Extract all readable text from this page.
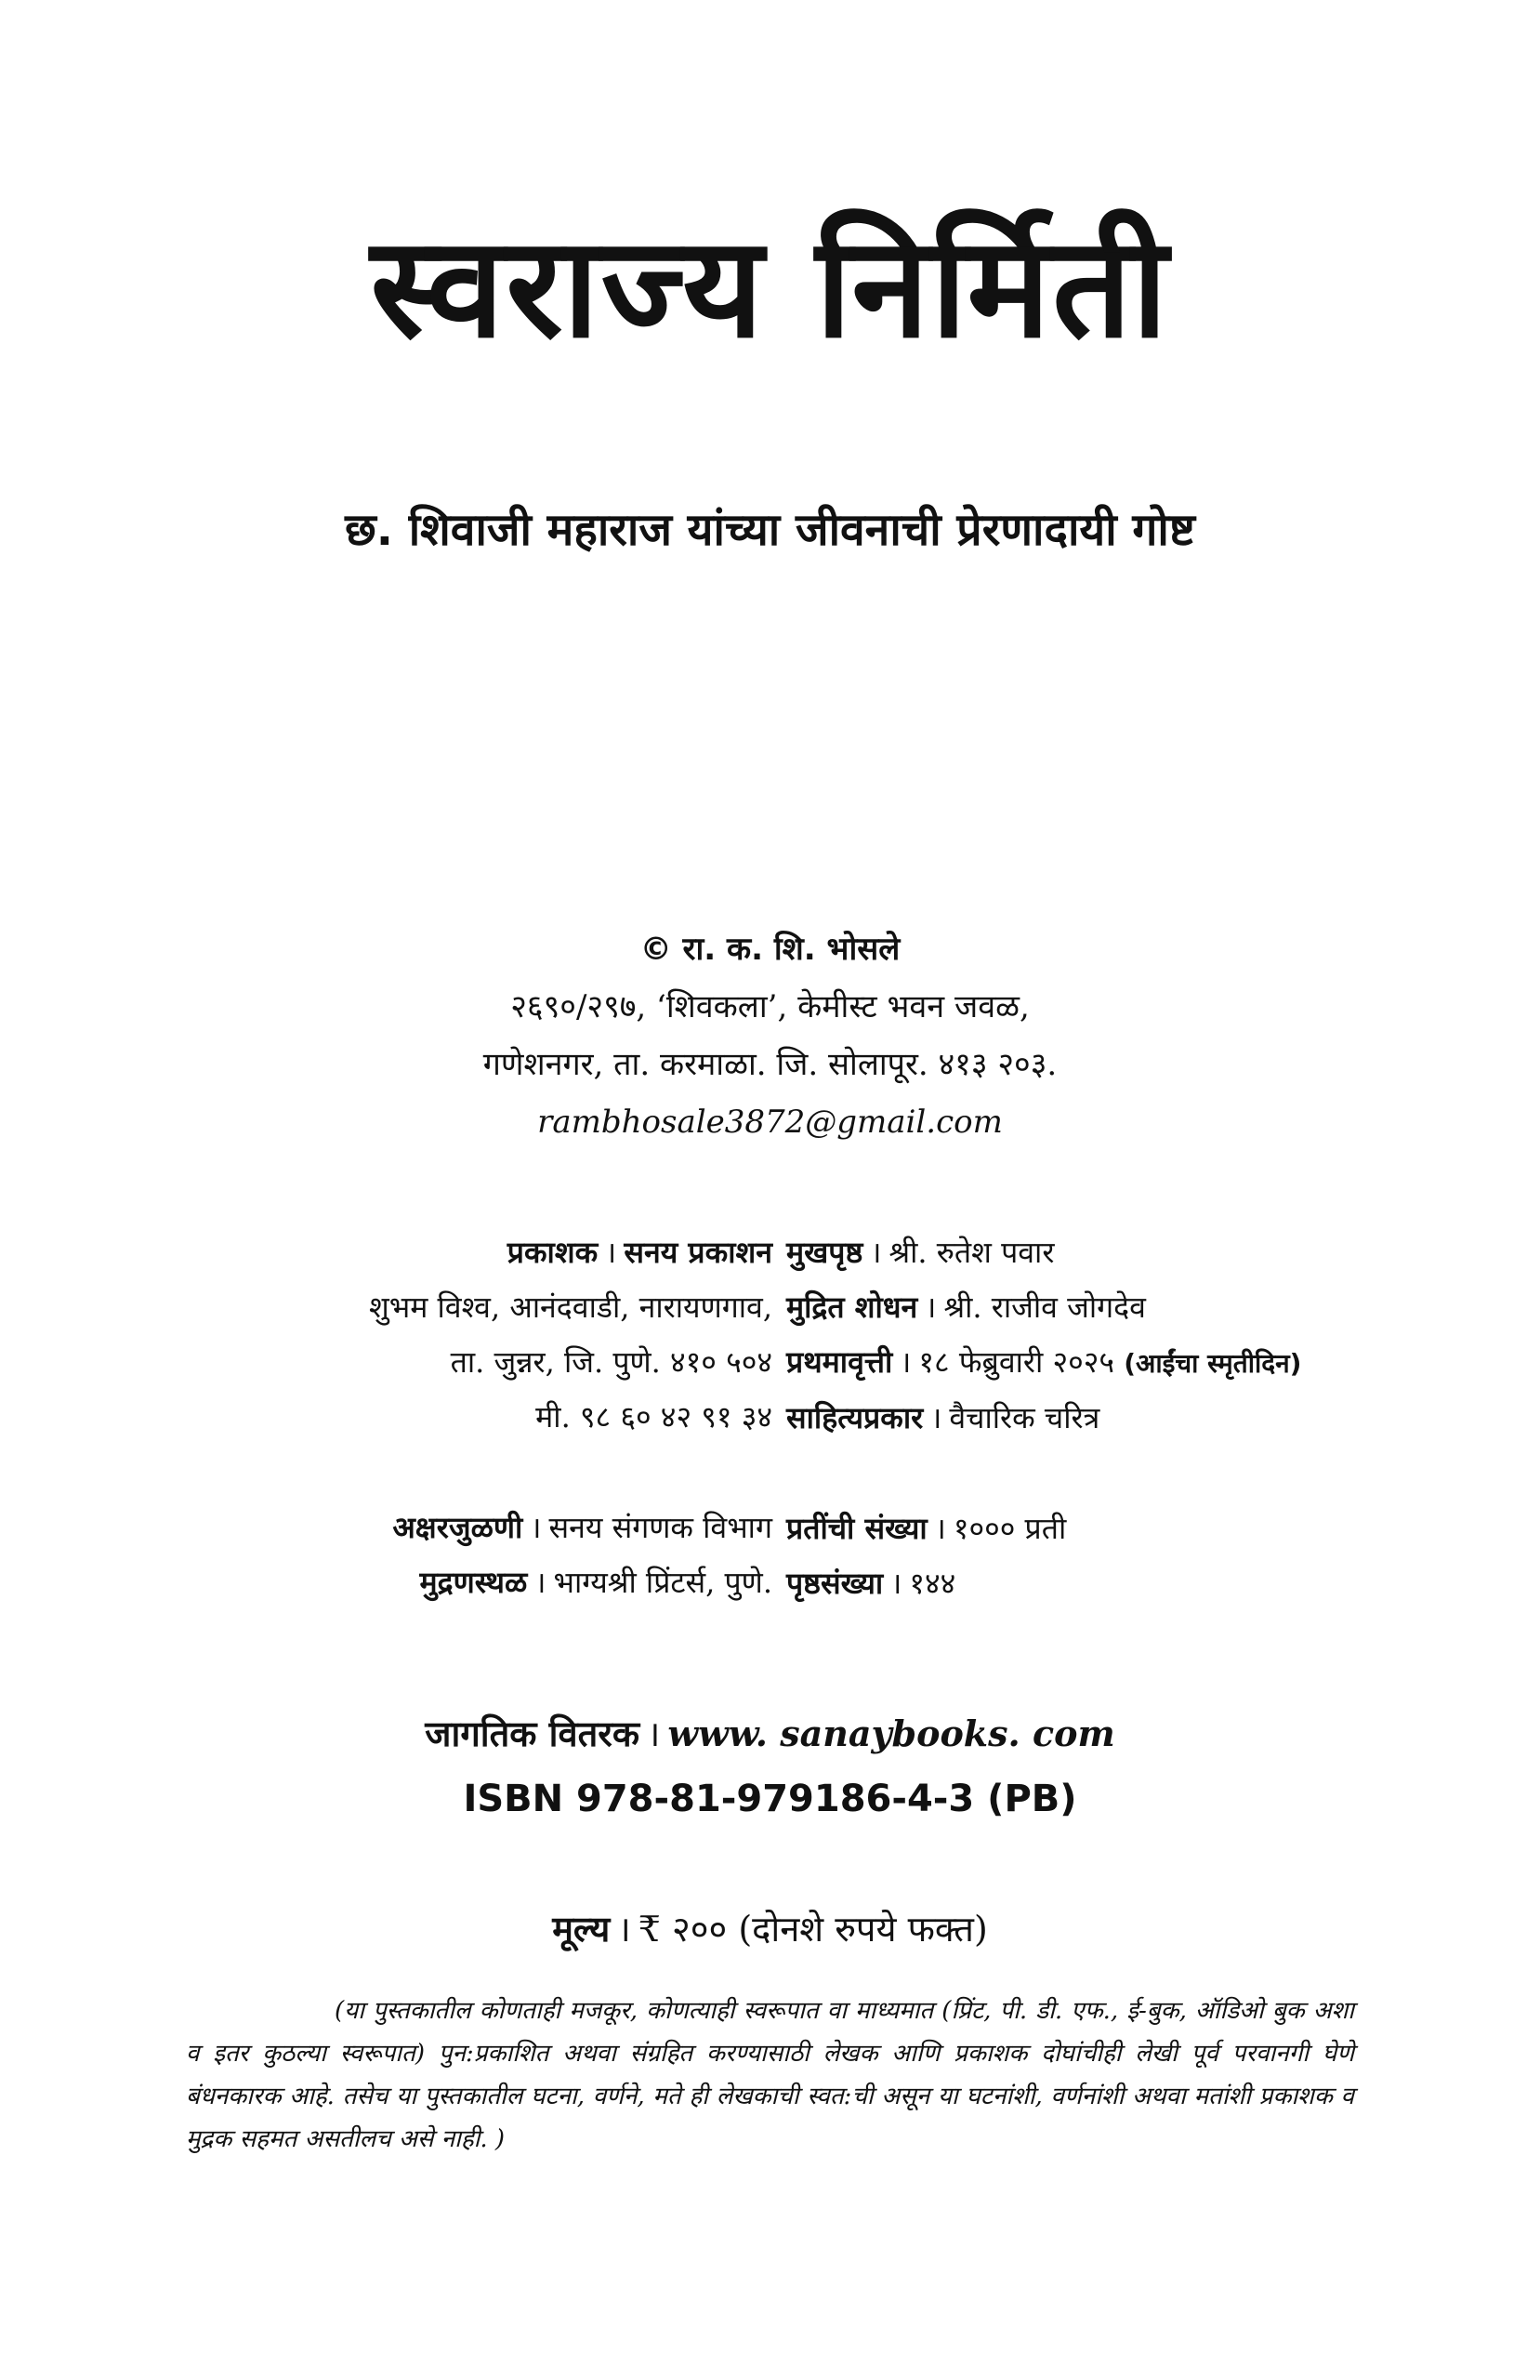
स्वराज्य निर्मिती
छ. शिवाजी महाराज यांच्या जीवनाची प्रेरणादायी गोष्ट
© रा. क. शि. भोसले
२६९०/२९७, ‘शिवकला’, केमीस्ट भवन जवळ,
गणेशनगर, ता. करमाळा. जि. सोलापूर. ४१३ २०३.
rambhosale3872@gmail.com
प्रकाशक । सनय प्रकाशन
शुभम विश्व, आनंदवाडी, नारायणगाव,
ता. जुन्नर, जि. पुणे. ४१० ५०४
मी. ९८ ६० ४२ ९१ ३४
अक्षरजुळणी । सनय संगणक विभाग
मुद्रणस्थळ । भाग्यश्री प्रिंटर्स, पुणे.
मुखपृष्ठ । श्री. रुतेश पवार
मुद्रित शोधन । श्री. राजीव जोगदेव
प्रथमावृत्ती । १८ फेब्रुवारी २०२५ (आईंचा स्मृतीदिन)
साहित्यप्रकार । वैचारिक चरित्र
प्रतींची संख्या । १००० प्रती
पृष्ठसंख्या । १४४
जागतिक वितरक । www. sanaybooks. com
ISBN 978-81-979186-4-3 (PB)
मूल्य । ₹ २०० (दोनशे रुपये फक्त)
(या पुस्तकातील कोणताही मजकूर, कोणत्याही स्वरूपात वा माध्यमात (प्रिंट, पी. डी. एफ., ई-बुक, ऑडिओ बुक अशा व इतर कुठल्या स्वरूपात) पुन:प्रकाशित अथवा संग्रहित करण्यासाठी लेखक आणि प्रकाशक दोघांचीही लेखी पूर्व परवानगी घेणे बंधनकारक आहे. तसेच या पुस्तकातील घटना, वर्णने, मते ही लेखकाची स्वत:ची असून या घटनांशी, वर्णनांशी अथवा मतांशी प्रकाशक व मुद्रक सहमत असतीलच असे नाही. )
